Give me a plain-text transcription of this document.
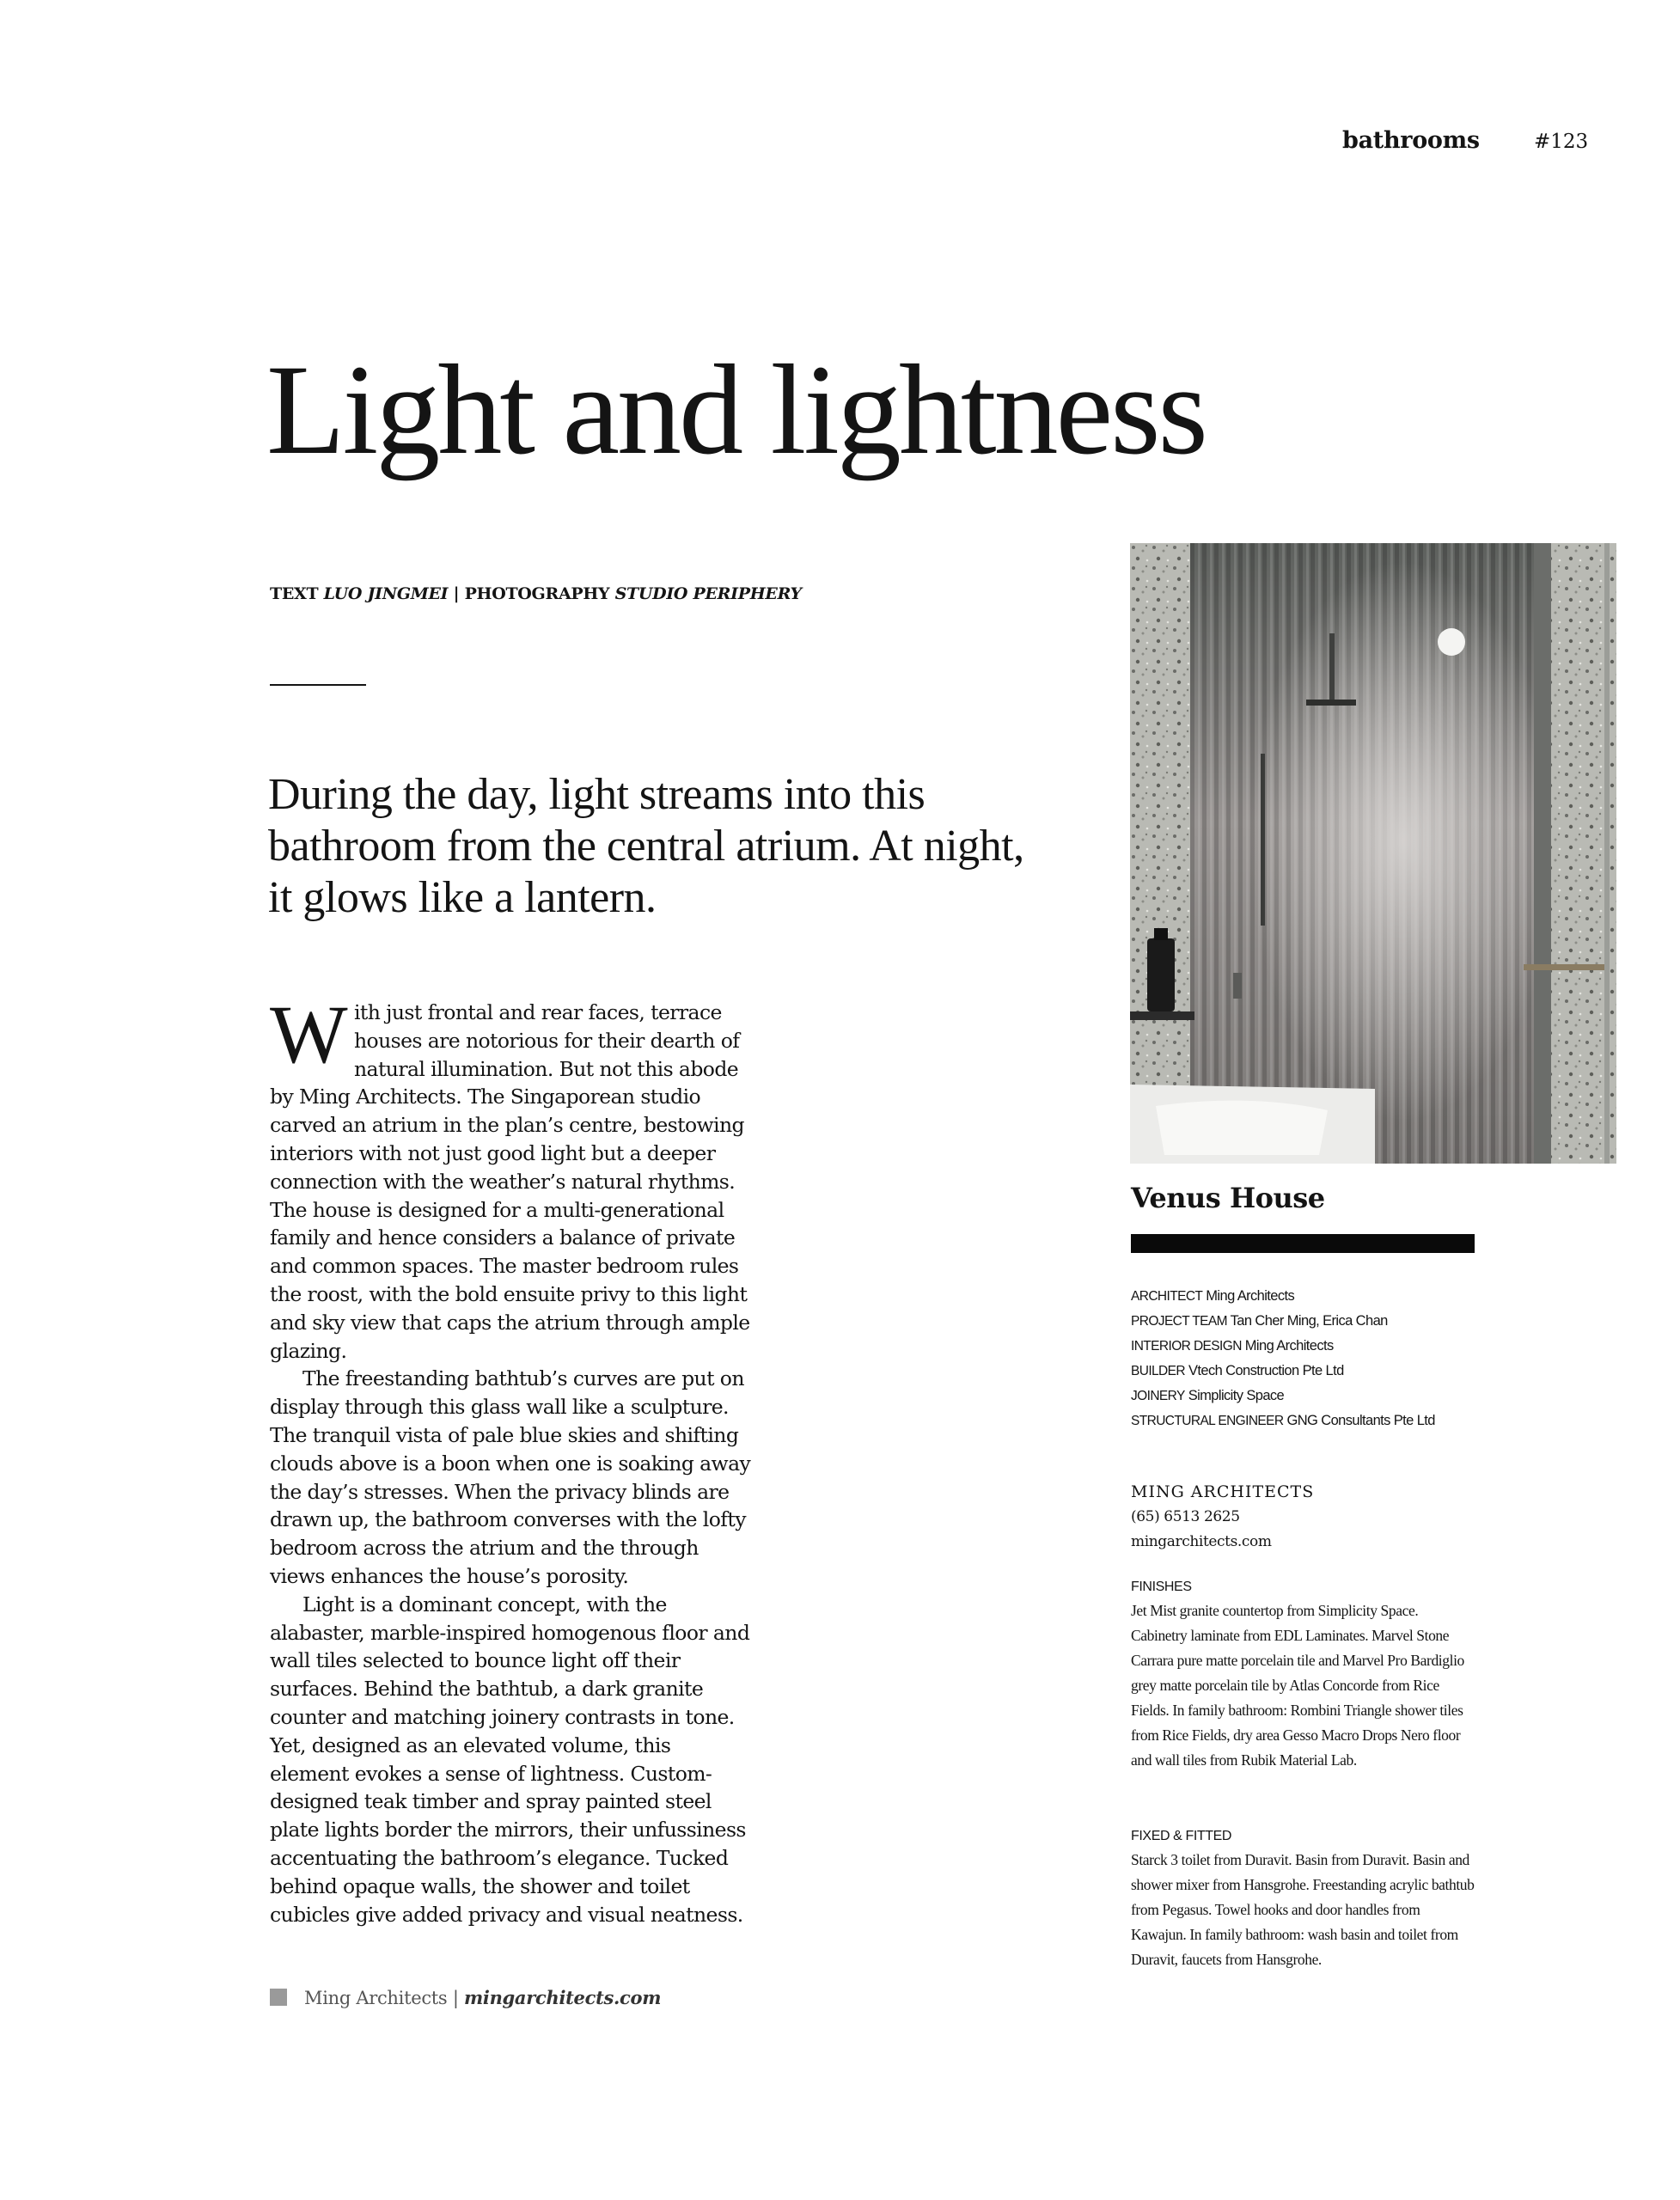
bathrooms	#123
Light and lightness
TEXT LUO JINGMEI | PHOTOGRAPHY STUDIO PERIPHERY
During the day, light streams into this bathroom from the central atrium. At night, it glows like a lantern.

With just frontal and rear faces, terrace houses are notorious for their dearth of natural illumination. But not this abode by Ming Architects. The Singaporean studio carved an atrium in the plan’s centre, bestowing interiors with not just good light but a deeper connection with the weather’s natural rhythms. The house is designed for a multi-generational family and hence considers a balance of private and common spaces. The master bedroom rules the roost, with the bold ensuite privy to this light and sky view that caps the atrium through ample glazing.

The freestanding bathtub’s curves are put on display through this glass wall like a sculpture. The tranquil vista of pale blue skies and shifting clouds above is a boon when one is soaking away the day’s stresses. When the privacy blinds are drawn up, the bathroom converses with the lofty bedroom across the atrium and the through views enhances the house’s porosity.

Light is a dominant concept, with the alabaster, marble-inspired homogenous floor and wall tiles selected to bounce light off their surfaces. Behind the bathtub, a dark granite counter and matching joinery contrasts in tone. Yet, designed as an elevated volume, this element evokes a sense of lightness. Custom-designed teak timber and spray painted steel plate lights border the mirrors, their unfussiness accentuating the bathroom’s elegance. Tucked behind opaque walls, the shower and toilet cubicles give added privacy and visual neatness.

Ming Architects | mingarchitects.com
Venus House
ARCHITECT Ming Architects
PROJECT TEAM Tan Cher Ming, Erica Chan
INTERIOR DESIGN Ming Architects
BUILDER Vtech Construction Pte Ltd
JOINERY Simplicity Space
STRUCTURAL ENGINEER GNG Consultants Pte Ltd
MING ARCHITECTS
(65) 6513 2625
mingarchitects.com
FINISHES
Jet Mist granite countertop from Simplicity Space. Cabinetry laminate from EDL Laminates. Marvel Stone Carrara pure matte porcelain tile and Marvel Pro Bardiglio grey matte porcelain tile by Atlas Concorde from Rice Fields. In family bathroom: Rombini Triangle shower tiles from Rice Fields, dry area Gesso Macro Drops Nero floor and wall tiles from Rubik Material Lab.
FIXED & FITTED
Starck 3 toilet from Duravit. Basin from Duravit. Basin and shower mixer from Hansgrohe. Freestanding acrylic bathtub from Pegasus. Towel hooks and door handles from Kawajun. In family bathroom: wash basin and toilet from Duravit, faucets from Hansgrohe.
